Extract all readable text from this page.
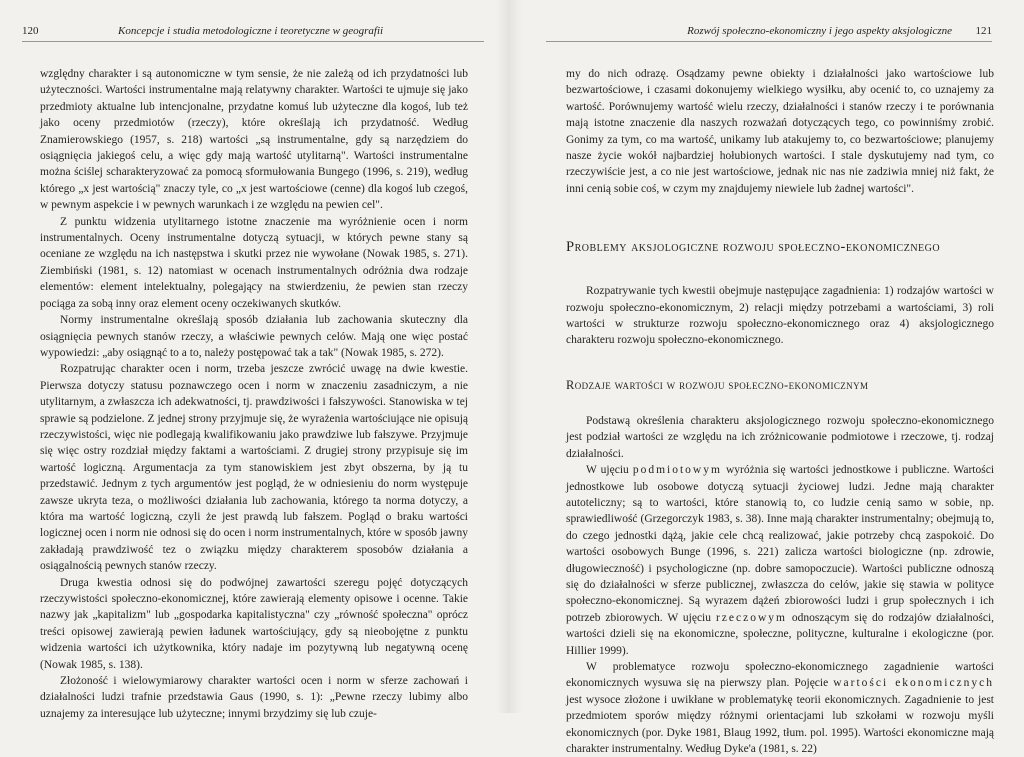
120	Koncepcje i studia metodologiczne i teoretyczne w geografii

względny charakter i są autonomiczne w tym sensie, że nie zależą od ich przydatności lub użyteczności. Wartości instrumentalne mają relatywny charakter. Wartości te ujmuje się jako przedmioty aktualne lub intencjonalne, przydatne komuś lub użyteczne dla kogoś, lub też jako oceny przedmiotów (rzeczy), które określają ich przydatność. Według Znamierowskiego (1957, s. 218) wartości „są instrumentalne, gdy są narzędziem do osiągnięcia jakiegoś celu, a więc gdy mają wartość utylitarną". Wartości instrumentalne można ściślej scharakteryzować za pomocą sformułowania Bungego (1996, s. 219), według którego „x jest wartością" znaczy tyle, co „x jest wartościowe (cenne) dla kogoś lub czegoś, w pewnym aspekcie i w pewnych warunkach i ze względu na pewien cel".

Z punktu widzenia utylitarnego istotne znaczenie ma wyróżnienie ocen i norm instrumentalnych. Oceny instrumentalne dotyczą sytuacji, w których pewne stany są oceniane ze względu na ich następstwa i skutki przez nie wywołane (Nowak 1985, s. 271). Ziembiński (1981, s. 12) natomiast w ocenach instrumentalnych odróżnia dwa rodzaje elementów: element intelektualny, polegający na stwierdzeniu, że pewien stan rzeczy pociąga za sobą inny oraz element oceny oczekiwanych skutków.

Normy instrumentalne określają sposób działania lub zachowania skuteczny dla osiągnięcia pewnych stanów rzeczy, a właściwie pewnych celów. Mają one więc postać wypowiedzi: „aby osiągnąć to a to, należy postępować tak a tak" (Nowak 1985, s. 272).

Rozpatrując charakter ocen i norm, trzeba jeszcze zwrócić uwagę na dwie kwestie. Pierwsza dotyczy statusu poznawczego ocen i norm w znaczeniu zasadniczym, a nie utylitarnym, a zwłaszcza ich adekwatności, tj. prawdziwości i fałszywości. Stanowiska w tej sprawie są podzielone. Z jednej strony przyjmuje się, że wyrażenia wartościujące nie opisują rzeczywistości, więc nie podlegają kwalifikowaniu jako prawdziwe lub fałszywe. Przyjmuje się więc ostry rozdział między faktami a wartościami. Z drugiej strony przypisuje się im wartość logiczną. Argumentacja za tym stanowiskiem jest zbyt obszerna, by ją tu przedstawić. Jednym z tych argumentów jest pogląd, że w odniesieniu do norm występuje zawsze ukryta teza, o możliwości działania lub zachowania, którego ta norma dotyczy, a która ma wartość logiczną, czyli że jest prawdą lub fałszem. Pogląd o braku wartości logicznej ocen i norm nie odnosi się do ocen i norm instrumentalnych, które w sposób jawny zakładają prawdziwość tez o związku między charakterem sposobów działania a osiągalnością pewnych stanów rzeczy.

Druga kwestia odnosi się do podwójnej zawartości szeregu pojęć dotyczących rzeczywistości społeczno-ekonomicznej, które zawierają elementy opisowe i ocenne. Takie nazwy jak „kapitalizm" lub „gospodarka kapitalistyczna" czy „równość społeczna" oprócz treści opisowej zawierają pewien ładunek wartościujący, gdy są nieobojętne z punktu widzenia wartości ich użytkownika, który nadaje im pozytywną lub negatywną ocenę (Nowak 1985, s. 138).

Złożoność i wielowymiarowy charakter wartości ocen i norm w sferze zachowań i działalności ludzi trafnie przedstawia Gaus (1990, s. 1): „Pewne rzeczy lubimy albo uznajemy za interesujące lub użyteczne; innymi brzydzimy się lub czuje-

Rozwój społeczno-ekonomiczny i jego aspekty aksjologiczne 121

my do nich odrazę. Osądzamy pewne obiekty i działalności jako wartościowe lub bezwartościowe, i czasami dokonujemy wielkiego wysiłku, aby ocenić to, co uznajemy za wartość. Porównujemy wartość wielu rzeczy, działalności i stanów rzeczy i te porównania mają istotne znaczenie dla naszych rozważań dotyczących tego, co powinniśmy zrobić. Gonimy za tym, co ma wartość, unikamy lub atakujemy to, co bezwartościowe; planujemy nasze życie wokół najbardziej hołubionych wartości. I stale dyskutujemy nad tym, co rzeczywiście jest, a co nie jest wartościowe, jednak nic nas nie zadziwia mniej niż fakt, że inni cenią sobie coś, w czym my znajdujemy niewiele lub żadnej wartości".

Problemy aksjologiczne rozwoju społeczno-ekonomicznego

Rozpatrywanie tych kwestii obejmuje następujące zagadnienia: 1) rodzajów wartości w rozwoju społeczno-ekonomicznym, 2) relacji między potrzebami a wartościami, 3) roli wartości w strukturze rozwoju społeczno-ekonomicznego oraz 4) aksjologicznego charakteru rozwoju społeczno-ekonomicznego.

Rodzaje wartości w rozwoju społeczno-ekonomicznym

Podstawą określenia charakteru aksjologicznego rozwoju społeczno-ekonomicznego jest podział wartości ze względu na ich zróżnicowanie podmiotowe i rzeczowe, tj. rodzaj działalności.

W ujęciu podmiotowym wyróżnia się wartości jednostkowe i publiczne. Wartości jednostkowe lub osobowe dotyczą sytuacji życiowej ludzi. Jedne mają charakter autoteliczny; są to wartości, które stanowią to, co ludzie cenią samo w sobie, np. sprawiedliwość (Grzegorczyk 1983, s. 38). Inne mają charakter instrumentalny; obejmują to, do czego jednostki dążą, jakie cele chcą realizować, jakie potrzeby chcą zaspokoić. Do wartości osobowych Bunge (1996, s. 221) zalicza wartości biologiczne (np. zdrowie, długowieczność) i psychologiczne (np. dobre samopoczucie). Wartości publiczne odnoszą się do działalności w sferze publicznej, zwłaszcza do celów, jakie się stawia w polityce społeczno-ekonomicznej. Są wyrazem dążeń zbiorowości ludzi i grup społecznych i ich potrzeb zbiorowych. W ujęciu rzeczowym odnoszącym się do rodzajów działalności, wartości dzieli się na ekonomiczne, społeczne, polityczne, kulturalne i ekologiczne (por. Hillier 1999).

W problematyce rozwoju społeczno-ekonomicznego zagadnienie wartości ekonomicznych wysuwa się na pierwszy plan. Pojęcie wartości ekonomicznych jest wysoce złożone i uwikłane w problematykę teorii ekonomicznych. Zagadnienie to jest przedmiotem sporów między różnymi orientacjami lub szkołami w rozwoju myśli ekonomicznych (por. Dyke 1981, Blaug 1992, tłum. pol. 1995). Wartości ekonomiczne mają charakter instrumentalny. Według Dyke'a (1981, s. 22)
